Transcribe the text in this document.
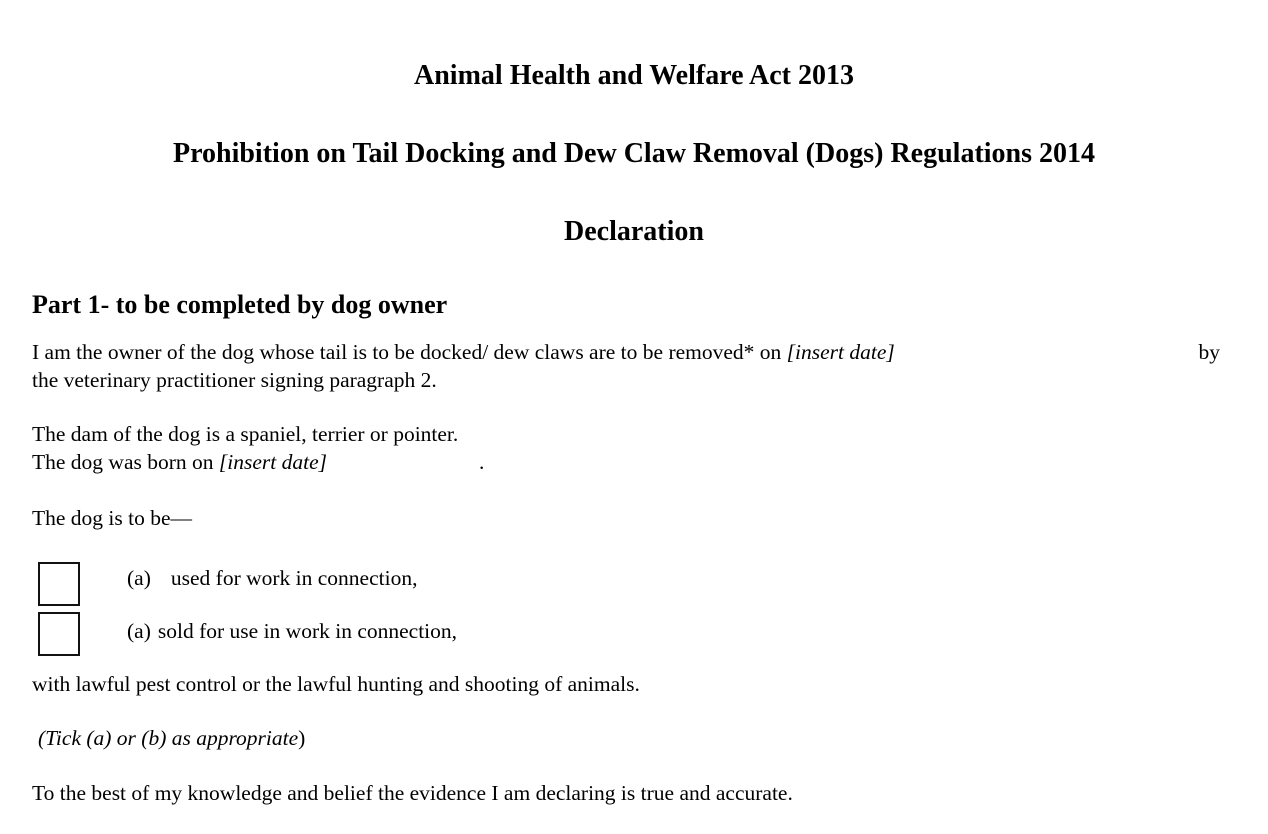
Animal Health and Welfare Act 2013
Prohibition on Tail Docking and Dew Claw Removal (Dogs) Regulations 2014
Declaration
Part 1- to be completed by dog owner

by
I am the owner of the dog whose tail is to be docked/ dew claws are to be removed* on [insert date]
the veterinary practitioner signing paragraph 2.

The dam of the dog is a spaniel, terrier or pointer.
The dog was born on [insert date]	.

The dog is to be—

(a) used for work in connection,
(a) sold for use in work in connection,

with lawful pest control or the lawful hunting and shooting of animals.

(Tick (a) or (b) as appropriate)

To the best of my knowledge and belief the evidence I am declaring is true and accurate.
